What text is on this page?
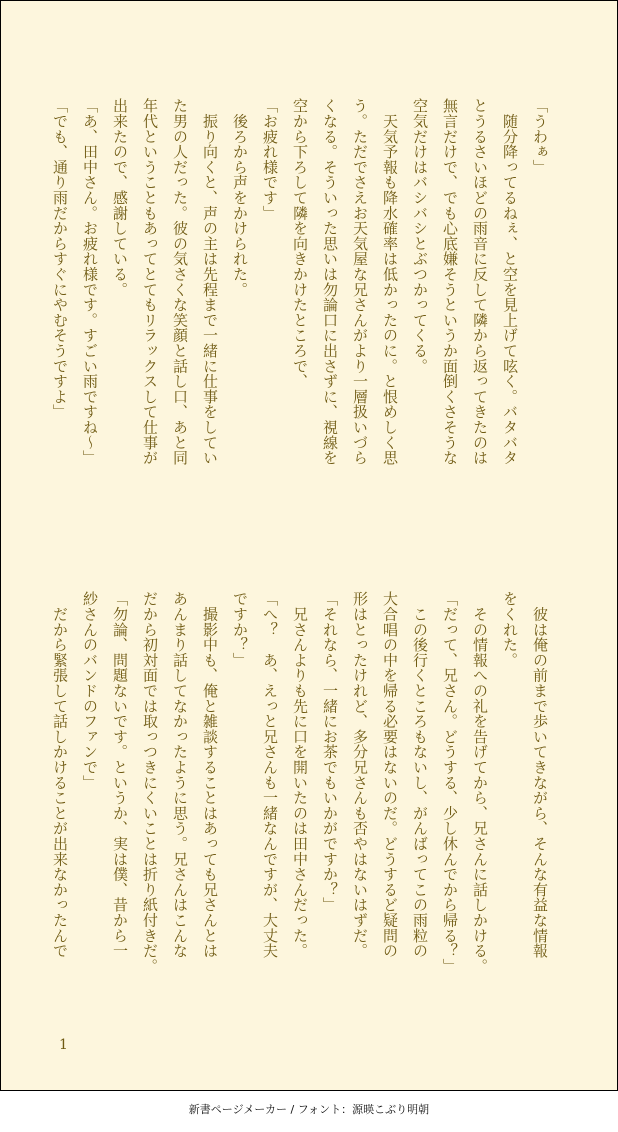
「うわぁ」
　随分降ってるねぇ、と空を見上げて呟く。バタバタ
とうるさいほどの雨音に反して隣から返ってきたのは
無言だけで、でも心底嫌そうというか面倒くさそうな
空気だけはバシバシとぶつかってくる。
　天気予報も降水確率は低かったのに。と恨めしく思
う。ただでさえお天気屋な兄さんがより一層扱いづら
くなる。そういった思いは勿論口に出さずに、視線を
空から下ろして隣を向きかけたところで、
「お疲れ様です」
　後ろから声をかけられた。
　振り向くと、声の主は先程まで一緒に仕事をしてい
た男の人だった。彼の気さくな笑顔と話し口、あと同
年代ということもあってとてもリラックスして仕事が
出来たので、感謝している。
「あ、田中さん。お疲れ様です。すごい雨ですね〜」
「でも、通り雨だからすぐにやむそうですよ」
　彼は俺の前まで歩いてきながら、そんな有益な情報
をくれた。
　その情報への礼を告げてから、兄さんに話しかける。
「だって、兄さん。どうする、少し休んでから帰る？」
　この後行くところもないし、がんばってこの雨粒の
大合唱の中を帰る必要はないのだ。どうするど疑問の
形はとったけれど、多分兄さんも否やはないはずだ。
「それなら、一緒にお茶でもいかがですか？」
　兄さんよりも先に口を開いたのは田中さんだった。
「へ？　あ、えっと兄さんも一緒なんですが、大丈夫
ですか？」
　撮影中も、俺と雑談することはあっても兄さんとは
あんまり話してなかったように思う。兄さんはこんな
だから初対面では取っつきにくいことは折り紙付きだ。
「勿論、問題ないです。というか、実は僕、昔から一
紗さんのバンドのファンで」
　だから緊張して話しかけることが出来なかったんで
1
新書ページメーカー / フォント：源暎こぶり明朝
